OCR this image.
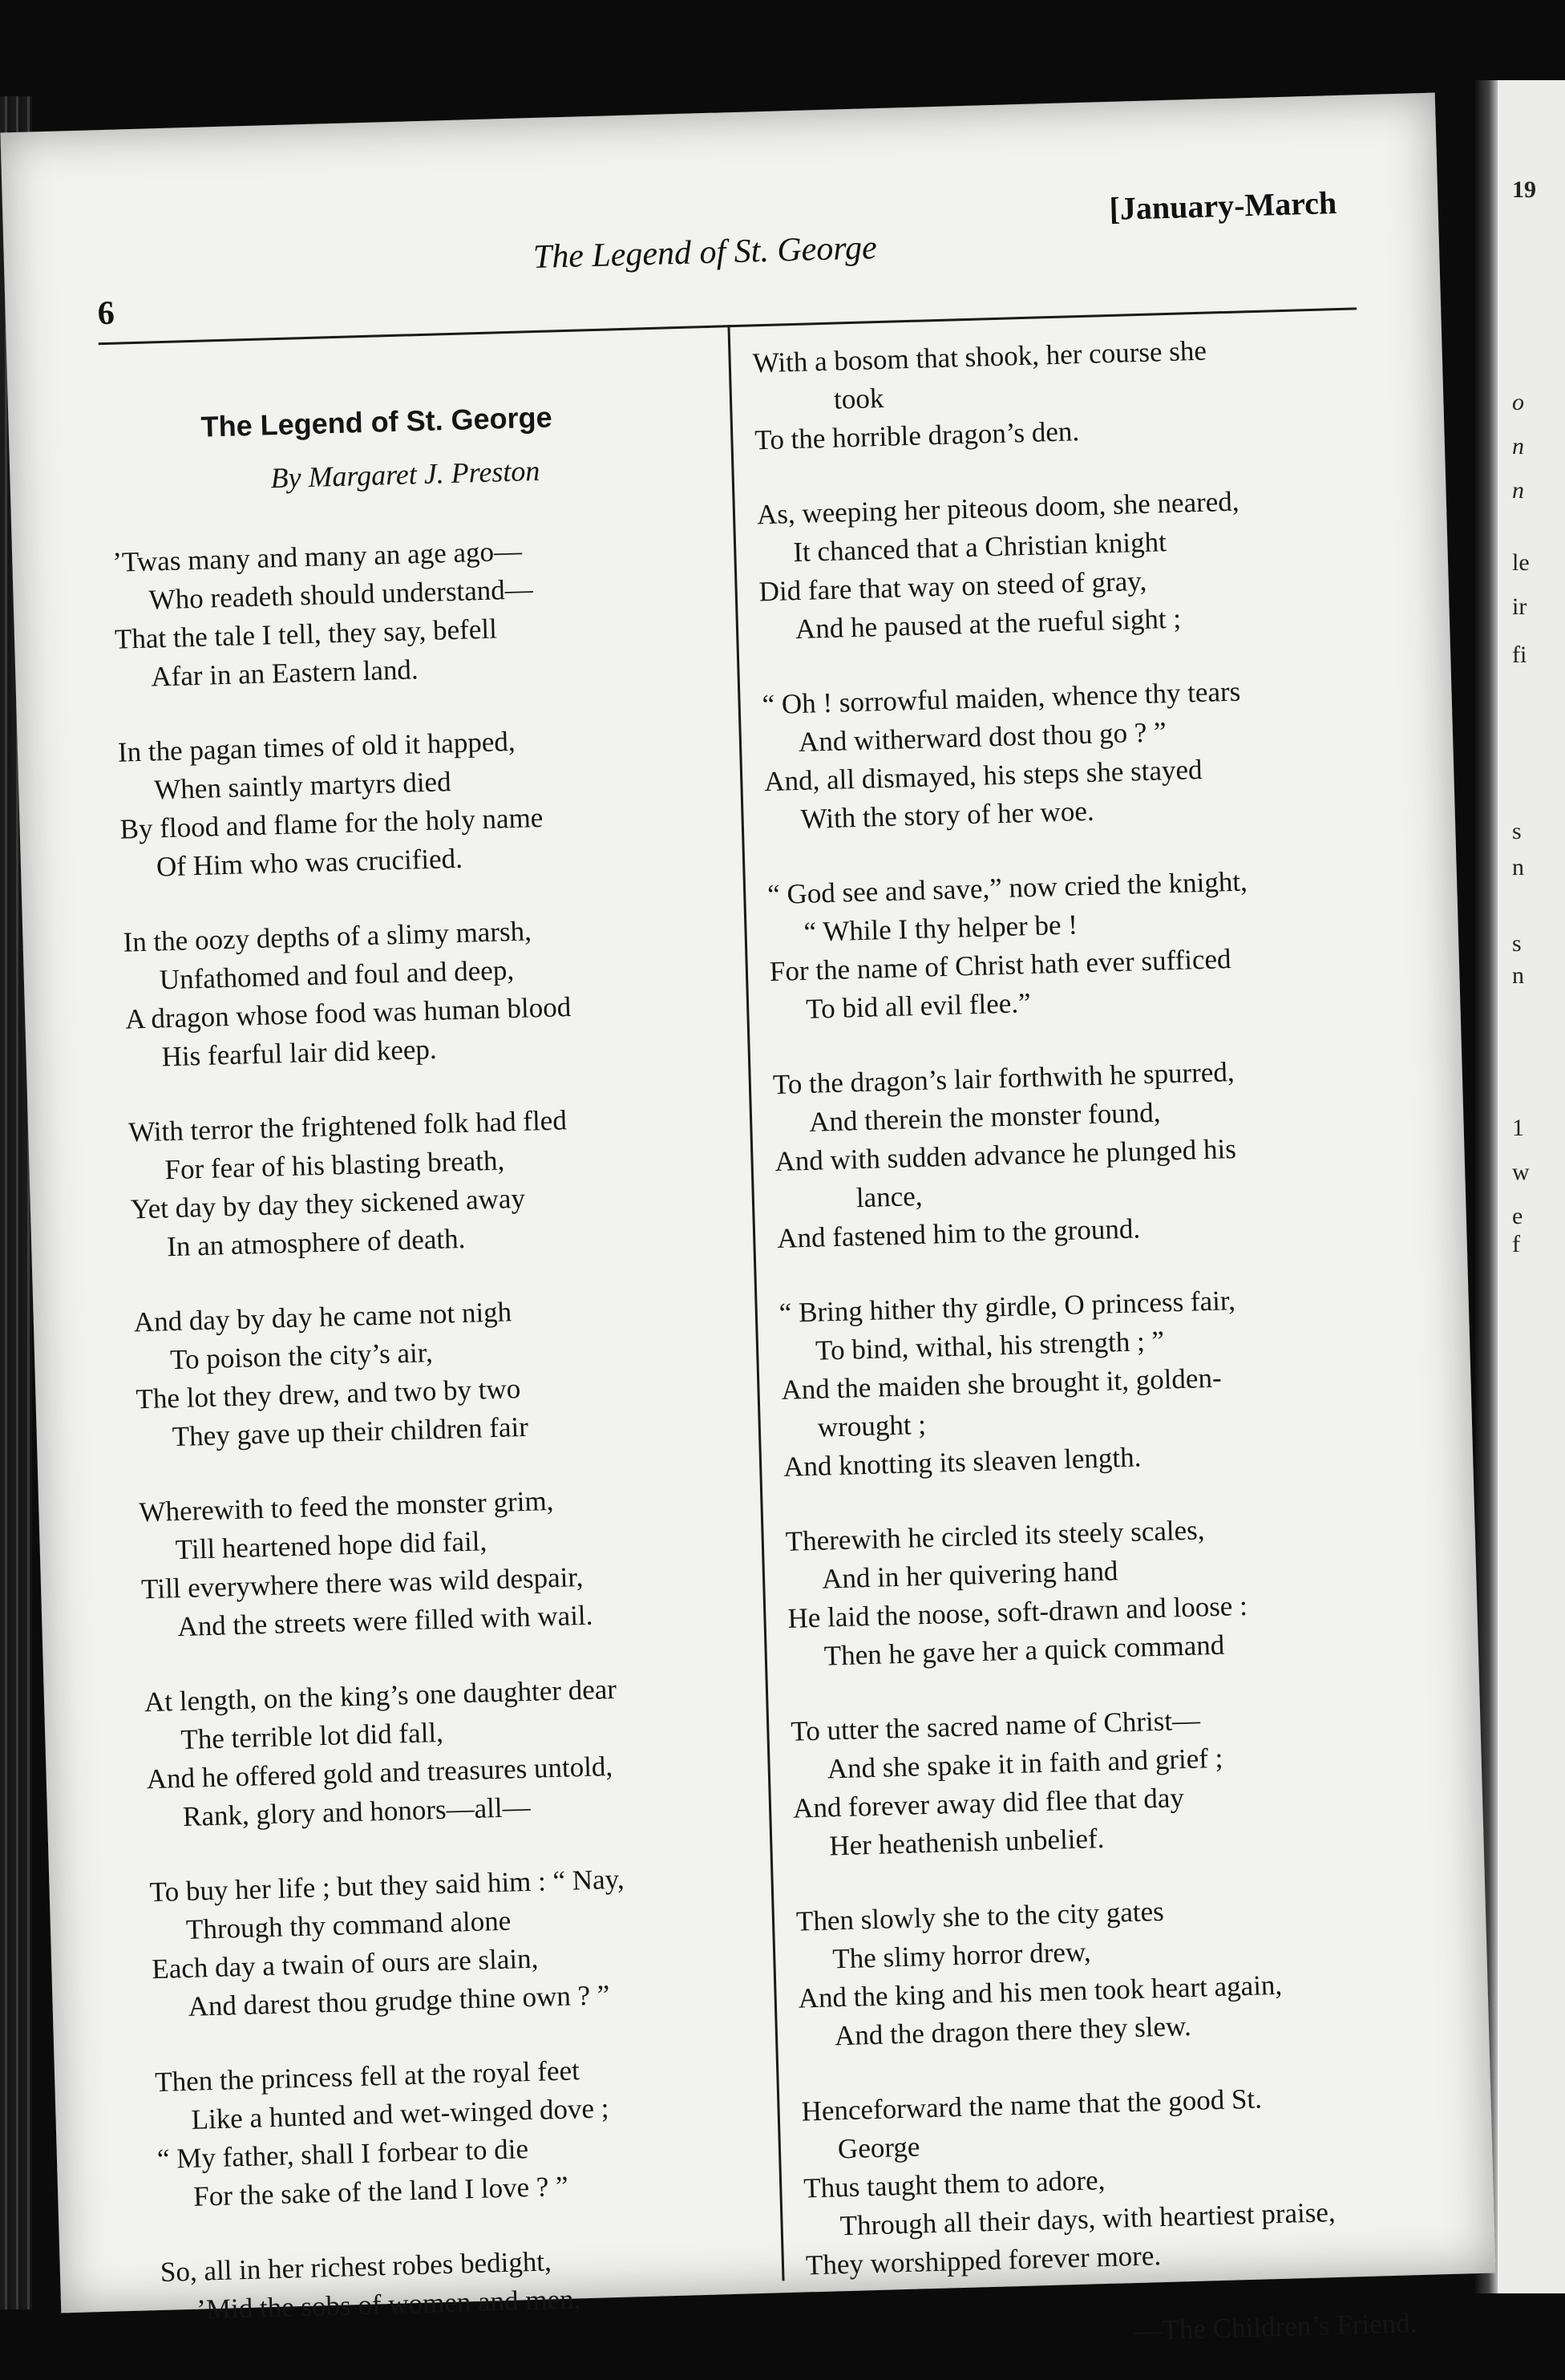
19
o
n
n
le
ir
fi
s
n
s
n
1
w
e
f
6
The Legend of St. George
[January-March
The Legend of St. George
By Margaret J. Preston
’Twas many and many an age ago—
Who readeth should understand—
That the tale I tell, they say, befell
Afar in an Eastern land.
In the pagan times of old it happed,
When saintly martyrs died
By flood and flame for the holy name
Of Him who was crucified.
In the oozy depths of a slimy marsh,
Unfathomed and foul and deep,
A dragon whose food was human blood
His fearful lair did keep.
With terror the frightened folk had fled
For fear of his blasting breath,
Yet day by day they sickened away
In an atmosphere of death.
And day by day he came not nigh
To poison the city’s air,
The lot they drew, and two by two
They gave up their children fair
Wherewith to feed the monster grim,
Till heartened hope did fail,
Till everywhere there was wild despair,
And the streets were filled with wail.
At length, on the king’s one daughter dear
The terrible lot did fall,
And he offered gold and treasures untold,
Rank, glory and honors—all—
To buy her life ; but they said him : “ Nay,
Through thy command alone
Each day a twain of ours are slain,
And darest thou grudge thine own ? ”
Then the princess fell at the royal feet
Like a hunted and wet-winged dove ;
“ My father, shall I forbear to die
For the sake of the land I love ? ”
So, all in her richest robes bedight,
’Mid the sobs of women and men,
With a bosom that shook, her course she
took
To the horrible dragon’s den.
As, weeping her piteous doom, she neared,
It chanced that a Christian knight
Did fare that way on steed of gray,
And he paused at the rueful sight ;
“ Oh ! sorrowful maiden, whence thy tears
And witherward dost thou go ? ”
And, all dismayed, his steps she stayed
With the story of her woe.
“ God see and save,” now cried the knight,
“ While I thy helper be !
For the name of Christ hath ever sufficed
To bid all evil flee.”
To the dragon’s lair forthwith he spurred,
And therein the monster found,
And with sudden advance he plunged his
lance,
And fastened him to the ground.
“ Bring hither thy girdle, O princess fair,
To bind, withal, his strength ; ”
And the maiden she brought it, golden-
wrought ;
And knotting its sleaven length.
Therewith he circled its steely scales,
And in her quivering hand
He laid the noose, soft-drawn and loose :
Then he gave her a quick command
To utter the sacred name of Christ—
And she spake it in faith and grief ;
And forever away did flee that day
Her heathenish unbelief.
Then slowly she to the city gates
The slimy horror drew,
And the king and his men took heart again,
And the dragon there they slew.
Henceforward the name that the good St.
George
Thus taught them to adore,
Through all their days, with heartiest praise,
They worshipped forever more.
—The Children’s Friend.
